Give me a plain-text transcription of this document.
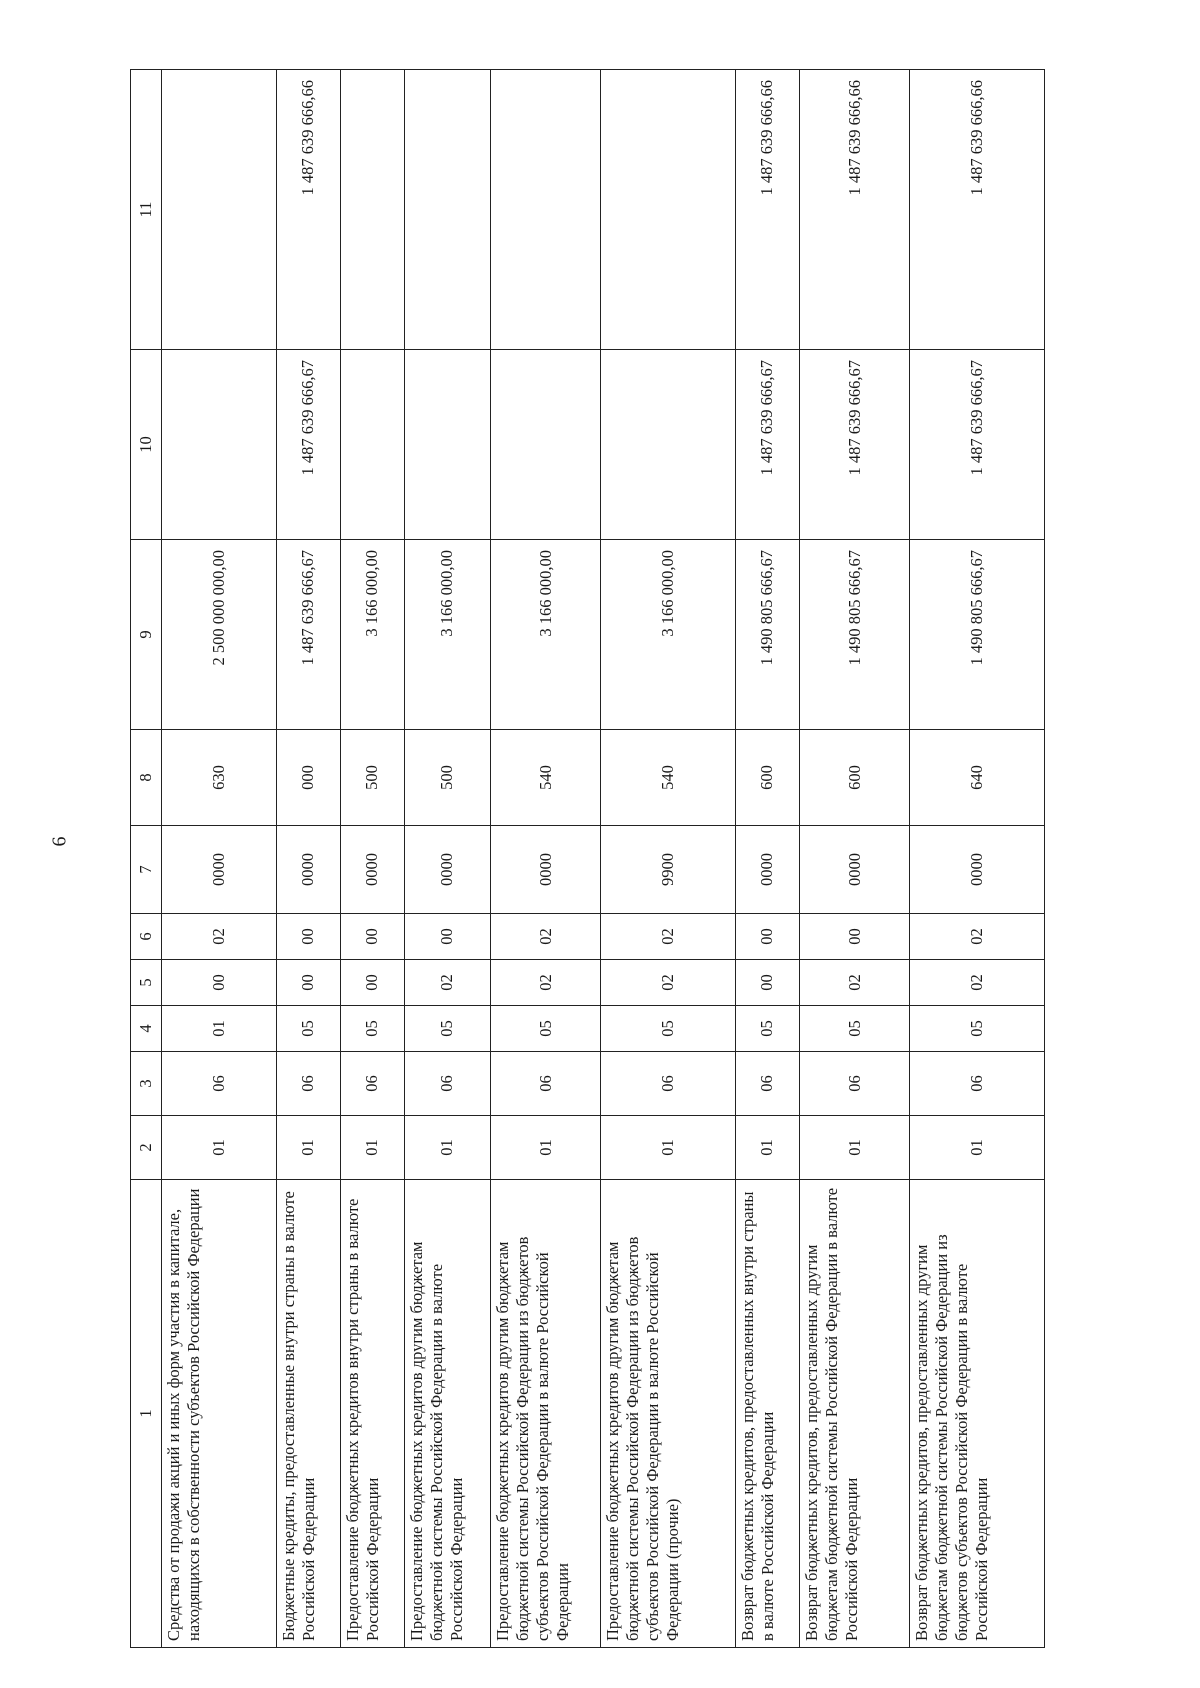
6
1	2	3	4	5	6	7	8	9	10	11
Средства от продажи акций и иных форм участия в капитале, находящихся в собственности субъектов Российской Федерации	01	06	01	00	02	0000	630	2 500 000 000,00		
Бюджетные кредиты, предоставленные внутри страны в валюте Российской Федерации	01	06	05	00	00	0000	000	1 487 639 666,67	1 487 639 666,67	1 487 639 666,66
Предоставление бюджетных кредитов внутри страны в валюте Российской Федерации	01	06	05	00	00	0000	500	3 166 000,00		
Предоставление бюджетных кредитов другим бюджетам бюджетной системы Российской Федерации в валюте Российской Федерации	01	06	05	02	00	0000	500	3 166 000,00		
Предоставление бюджетных кредитов другим бюджетам бюджетной системы Российской Федерации из бюджетов субъектов Российской Федерации в валюте Российской Федерации	01	06	05	02	02	0000	540	3 166 000,00		
Предоставление бюджетных кредитов другим бюджетам бюджетной системы Российской Федерации из бюджетов субъектов Российской Федерации в валюте Российской Федерации (прочие)	01	06	05	02	02	9900	540	3 166 000,00		
Возврат бюджетных кредитов, предоставленных внутри страны в валюте Российской Федерации	01	06	05	00	00	0000	600	1 490 805 666,67	1 487 639 666,67	1 487 639 666,66
Возврат бюджетных кредитов, предоставленных другим бюджетам бюджетной системы Российской Федерации в валюте Российской Федерации	01	06	05	02	00	0000	600	1 490 805 666,67	1 487 639 666,67	1 487 639 666,66
Возврат бюджетных кредитов, предоставленных другим бюджетам бюджетной системы Российской Федерации из бюджетов субъектов Российской Федерации в валюте Российской Федерации	01	06	05	02	02	0000	640	1 490 805 666,67	1 487 639 666,67	1 487 639 666,66
